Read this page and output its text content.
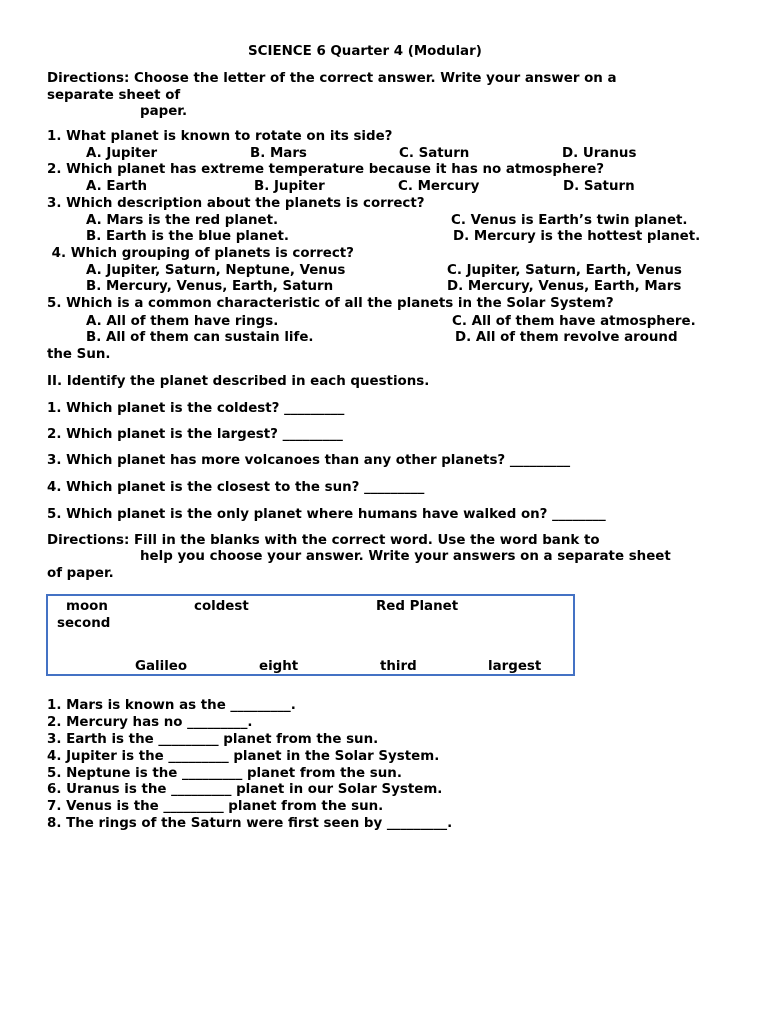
SCIENCE 6 Quarter 4 (Modular)
Directions: Choose the letter of the correct answer. Write your answer on a
separate sheet of
paper.
1. What planet is known to rotate on its side?
A. Jupiter	B. Mars	C. Saturn	D. Uranus
2. Which planet has extreme temperature because it has no atmosphere?
A. Earth	B. Jupiter	C. Mercury	D. Saturn
3. Which description about the planets is correct?
A. Mars is the red planet.	C. Venus is Earth’s twin planet.
B. Earth is the blue planet.	D. Mercury is the hottest planet.
4. Which grouping of planets is correct?
A. Jupiter, Saturn, Neptune, Venus	C. Jupiter, Saturn, Earth, Venus
B. Mercury, Venus, Earth, Saturn	D. Mercury, Venus, Earth, Mars
5. Which is a common characteristic of all the planets in the Solar System?
A. All of them have rings.	C. All of them have atmosphere.
B. All of them can sustain life.	D. All of them revolve around
the Sun.
II. Identify the planet described in each questions.
1. Which planet is the coldest? _________
2. Which planet is the largest? _________
3. Which planet has more volcanoes than any other planets? _________
4. Which planet is the closest to the sun? _________
5. Which planet is the only planet where humans have walked on? ________
Directions: Fill in the blanks with the correct word. Use the word bank to
help you choose your answer. Write your answers on a separate sheet
of paper.
moon	coldest	Red Planet
second
Galileo	eight	third	largest
1. Mars is known as the _________.
2. Mercury has no _________.
3. Earth is the _________ planet from the sun.
4. Jupiter is the _________ planet in the Solar System.
5. Neptune is the _________ planet from the sun.
6. Uranus is the _________ planet in our Solar System.
7. Venus is the _________ planet from the sun.
8. The rings of the Saturn were first seen by _________.
